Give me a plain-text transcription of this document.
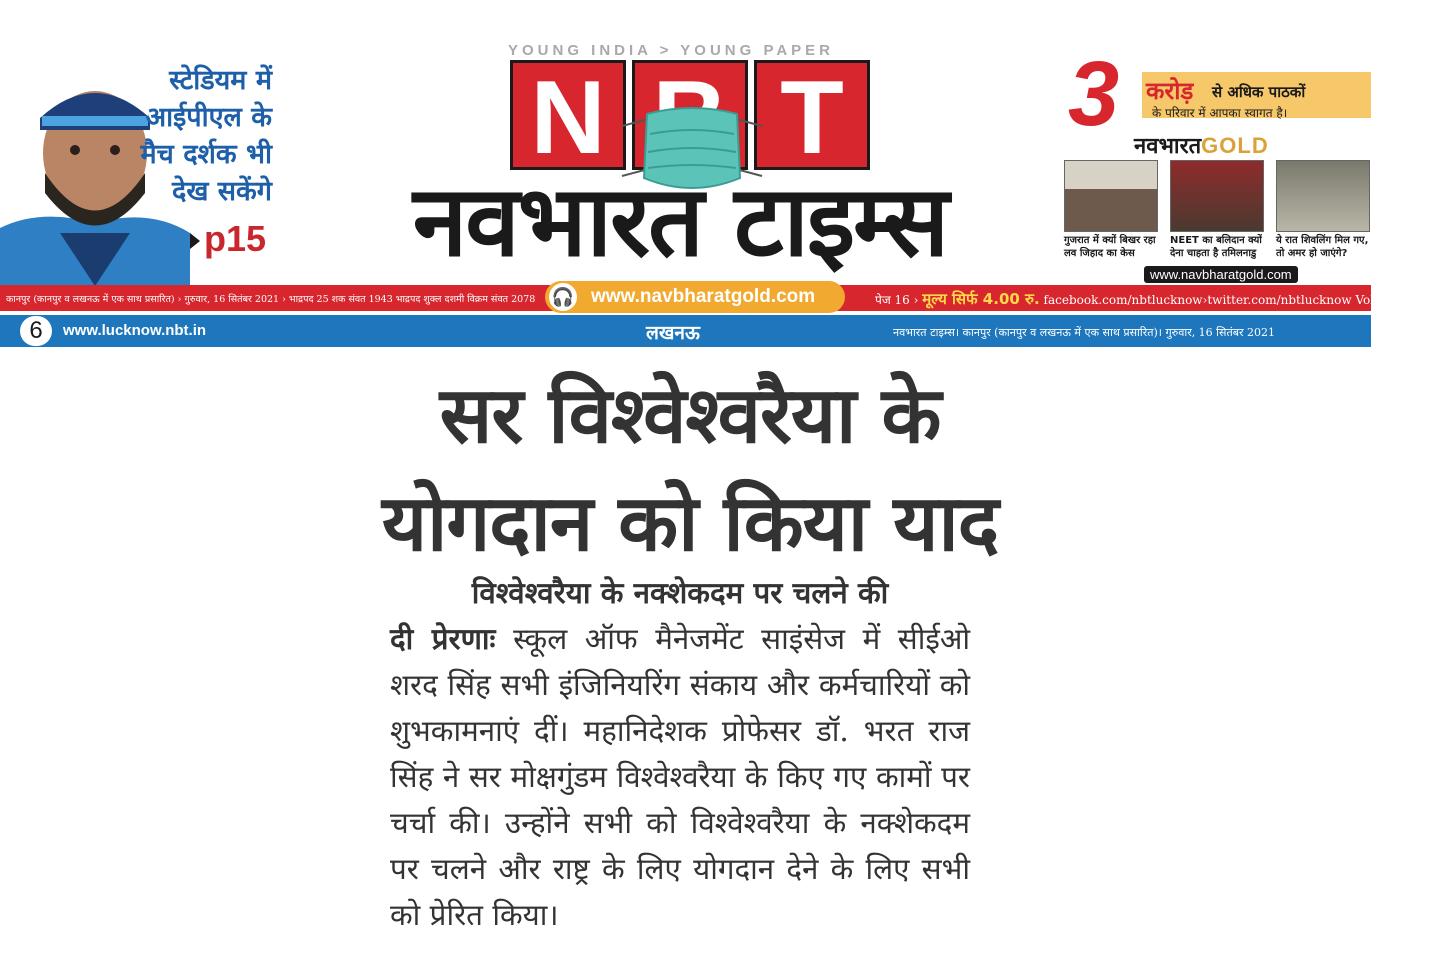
स्टेडियम में
आईपीएल के
मैच दर्शक भी
देख सकेंगे
p15
YOUNG INDIA > YOUNG PAPER
N T
नवभारत टाइम्स
3 करोड़ से अधिक पाठकों
के परिवार में आपका स्वागत है।
नवभारतGOLD
गुजरात में क्यों बिखर रहा लव जिहाद का केस
NEET का बलिदान क्यों देना चाहता है तमिलनाडु
ये रात शिवलिंग मिल गए, तो अमर हो जाएंगे?
www.navbharatgold.com
कानपुर (कानपुर व लखनऊ में एक साथ प्रसारित) › गुरुवार, 16 सितंबर 2021 › भाद्रपद 25 शक संवत 1943 भाद्रपद शुक्ल दशमी विक्रम संवत 2078 🎧 www.navbharatgold.com	पेज 16 › मूल्य सिर्फ 4.00 रु. facebook.com/nbtlucknow›twitter.com/nbtlucknow Vol.3 no.251
6	www.lucknow.nbt.in	लखनऊ	नवभारत टाइम्स। कानपुर (कानपुर व लखनऊ में एक साथ प्रसारित)। गुरुवार, 16 सितंबर 2021
सर विश्वेश्वरैया के
योगदान को किया याद
विश्वेश्वरैया के नक्शेकदम पर चलने की
दी प्रेरणाः स्कूल ऑफ मैनेजमेंट साइंसेज में सीईओ शरद सिंह सभी इंजिनियरिंग संकाय और कर्मचारियों को शुभकामनाएं दीं। महानिदेशक प्रोफेसर डॉ. भरत राज सिंह ने सर मोक्षगुंडम विश्वेश्वरैया के किए गए कामों पर चर्चा की। उन्होंने सभी को विश्वेश्वरैया के नक्शेकदम पर चलने और राष्ट्र के लिए योगदान देने के लिए सभी को प्रेरित किया।
